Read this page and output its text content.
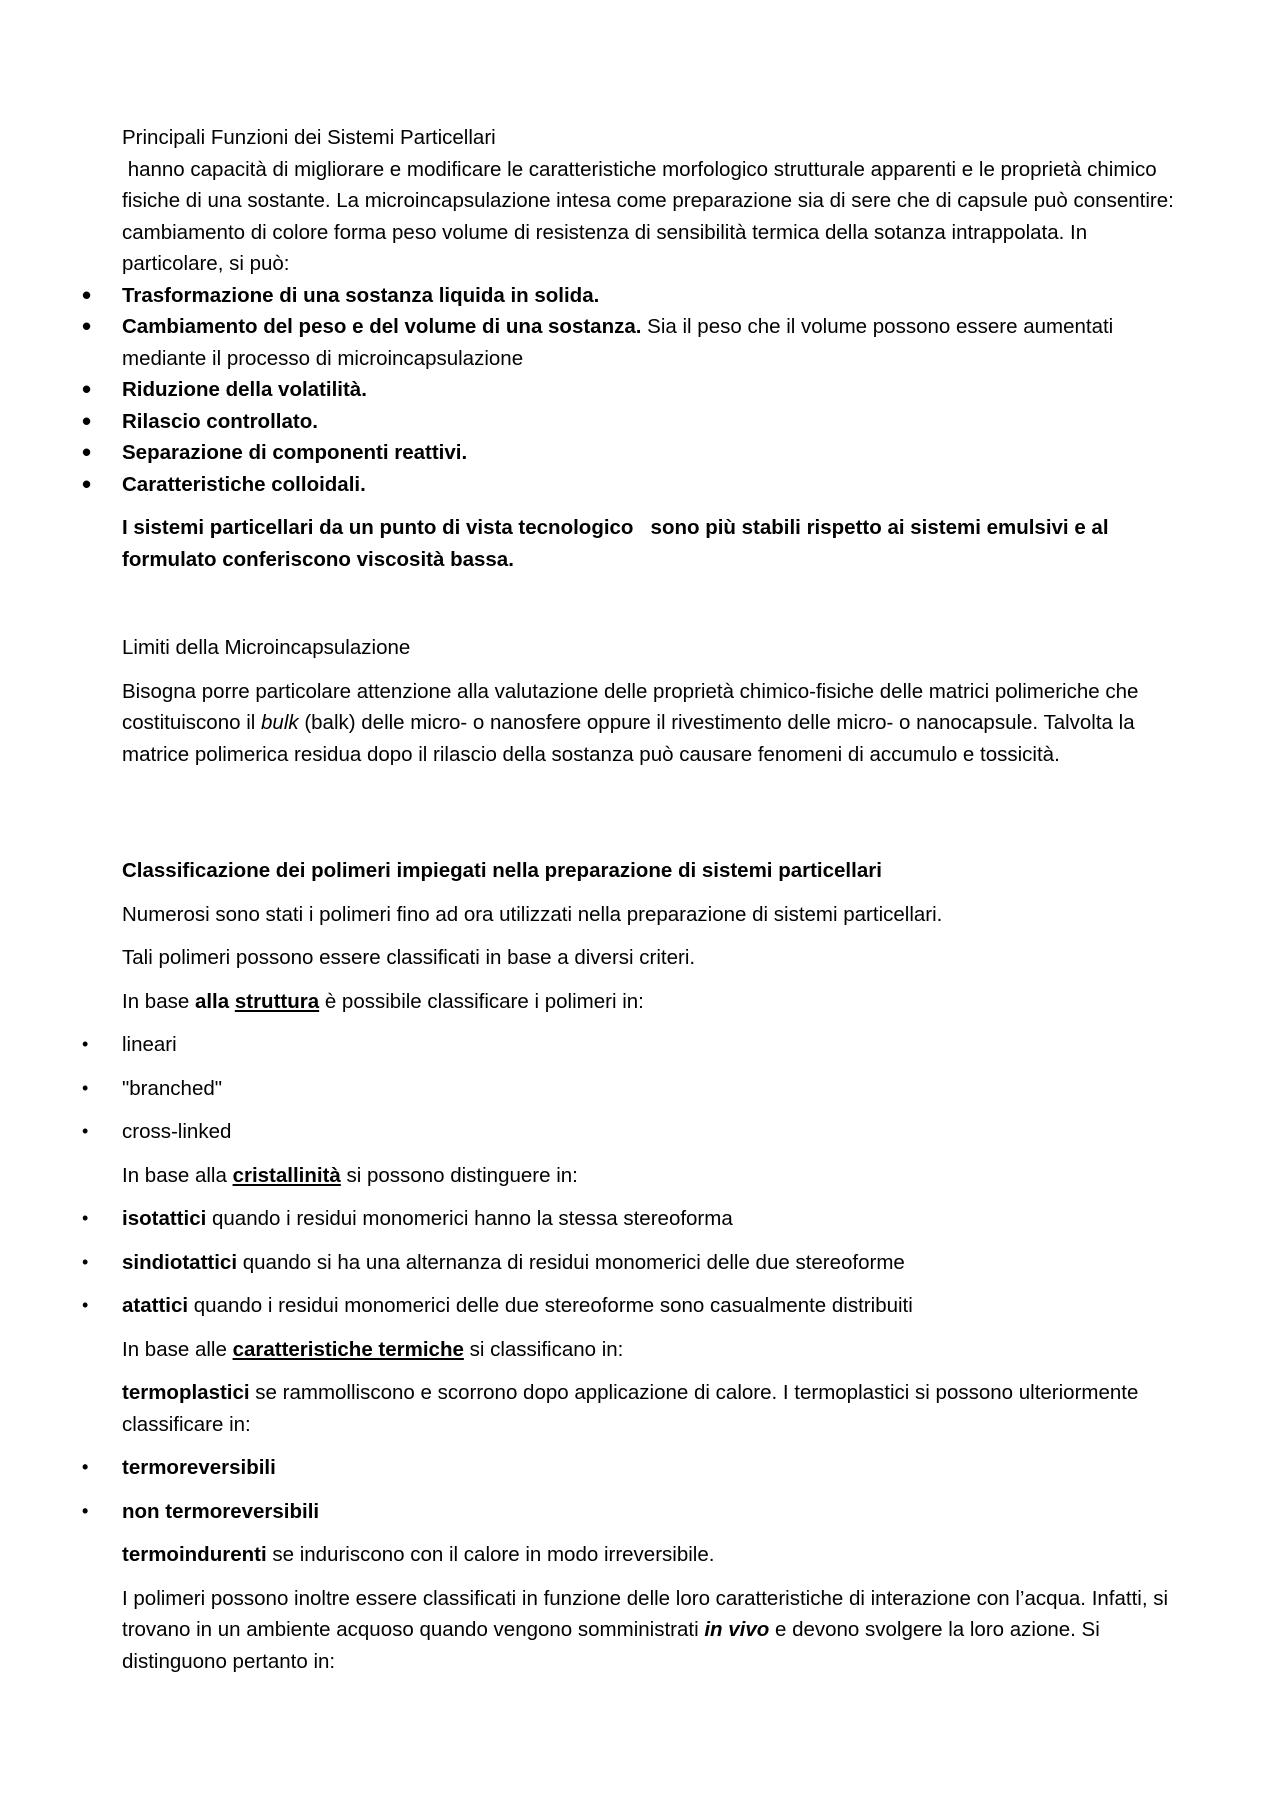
Principali Funzioni dei Sistemi Particellari

hanno capacità di migliorare e modificare le caratteristiche morfologico strutturale apparenti e le proprietà chimico fisiche di una sostante. La microincapsulazione intesa come preparazione sia di sere che di capsule può consentire: cambiamento di colore forma peso volume di resistenza di sensibilità termica della sotanza intrappolata. In particolare, si può:

• Trasformazione di una sostanza liquida in solida.
• Cambiamento del peso e del volume di una sostanza. Sia il peso che il volume possono essere aumentati mediante il processo di microincapsulazione
• Riduzione della volatilità.
• Rilascio controllato.
• Separazione di componenti reattivi.
• Caratteristiche colloidali.

I sistemi particellari da un punto di vista tecnologico   sono più stabili rispetto ai sistemi emulsivi e al formulato conferiscono viscosità bassa.

Limiti della Microincapsulazione

Bisogna porre particolare attenzione alla valutazione delle proprietà chimico-fisiche delle matrici polimeriche che costituiscono il bulk (balk) delle micro- o nanosfere oppure il rivestimento delle micro- o nanocapsule. Talvolta la matrice polimerica residua dopo il rilascio della sostanza può causare fenomeni di accumulo e tossicità.

Classificazione dei polimeri impiegati nella preparazione di sistemi particellari

Numerosi sono stati i polimeri fino ad ora utilizzati nella preparazione di sistemi particellari.

Tali polimeri possono essere classificati in base a diversi criteri.

In base alla struttura è possibile classificare i polimeri in:

• lineari
• "branched"
• cross-linked

In base alla cristallinità si possono distinguere in:

• isotattici quando i residui monomerici hanno la stessa stereoforma
• sindiotattici quando si ha una alternanza di residui monomerici delle due stereoforme
• atattici quando i residui monomerici delle due stereoforme sono casualmente distribuiti

In base alle caratteristiche termiche si classificano in:

termoplastici se rammolliscono e scorrono dopo applicazione di calore. I termoplastici si possono ulteriormente classificare in:

• termoreversibili
• non termoreversibili

termoindurenti se induriscono con il calore in modo irreversibile.

I polimeri possono inoltre essere classificati in funzione delle loro caratteristiche di interazione con l’acqua. Infatti, si trovano in un ambiente acquoso quando vengono somministrati in vivo e devono svolgere la loro azione. Si distinguono pertanto in:
